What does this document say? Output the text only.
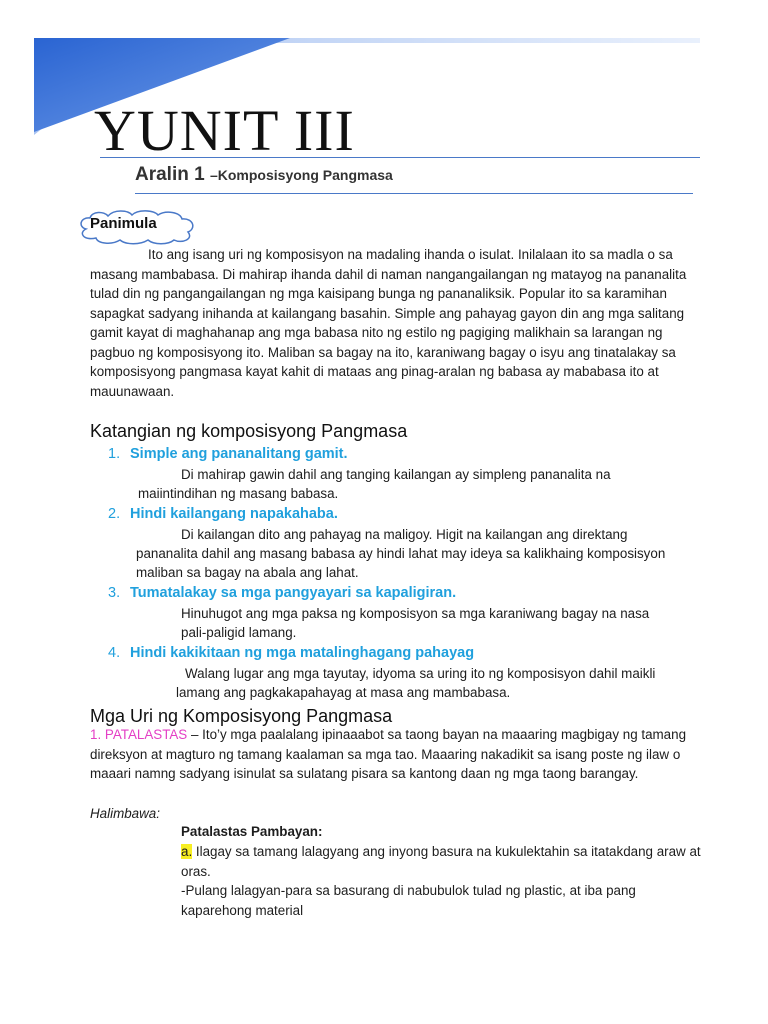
YUNIT III

Aralin 1 –Komposisyong Pangmasa

Panimula

Ito ang isang uri ng komposisyon na madaling ihanda o isulat. Inilalaan ito sa madla o sa masang mambabasa. Di mahirap ihanda dahil di naman nangangailangan ng matayog na pananalita tulad din ng pangangailangan ng mga kaisipang bunga ng pananaliksik. Popular ito sa karamihan sapagkat sadyang inihanda at kailangang basahin. Simple ang pahayag gayon din ang mga salitang gamit kayat di maghahanap ang mga babasa nito ng estilo ng pagiging malikhain sa larangan ng pagbuo ng komposisyong ito. Maliban sa bagay na ito, karaniwang bagay o isyu ang tinatalakay sa komposisyong pangmasa kayat kahit di mataas ang pinag-aralan ng babasa ay mababasa ito at mauunawaan.

Katangian ng komposisyong Pangmasa

1. Simple ang pananalitang gamit.

Di mahirap gawin dahil ang tanging kailangan ay simpleng pananalita na

maiintindihan ng masang babasa.

2. Hindi kailangang napakahaba.

Di kailangan dito ang pahayag na maligoy. Higit na kailangan ang direktang

pananalita dahil ang masang babasa ay hindi lahat may ideya sa kalikhaing komposisyon

maliban sa bagay na abala ang lahat.

3. Tumatalakay sa mga pangyayari sa kapaligiran.

Hinuhugot ang mga paksa ng komposisyon sa mga karaniwang bagay na nasa

pali-paligid lamang.

4. Hindi kakikitaan ng mga matalinghagang pahayag

Walang lugar ang mga tayutay, idyoma sa uring ito ng komposisyon dahil maikli

lamang ang pagkakapahayag at masa ang mambabasa.

Mga Uri ng Komposisyong Pangmasa

1. PATALASTAS – Ito’y mga paalalang ipinaaabot sa taong bayan na maaaring magbigay ng tamang direksyon at magturo ng tamang kaalaman sa mga tao. Maaaring nakadikit sa isang poste ng ilaw o maaari namng sadyang isinulat sa sulatang pisara sa kantong daan ng mga taong barangay.

Halimbawa:

Patalastas Pambayan:

a. Ilagay sa tamang lalagyang ang inyong basura na kukulektahin sa itatakdang araw at oras.

-Pulang lalagyan-para sa basurang di nabubulok tulad ng plastic, at iba pang kaparehong material
